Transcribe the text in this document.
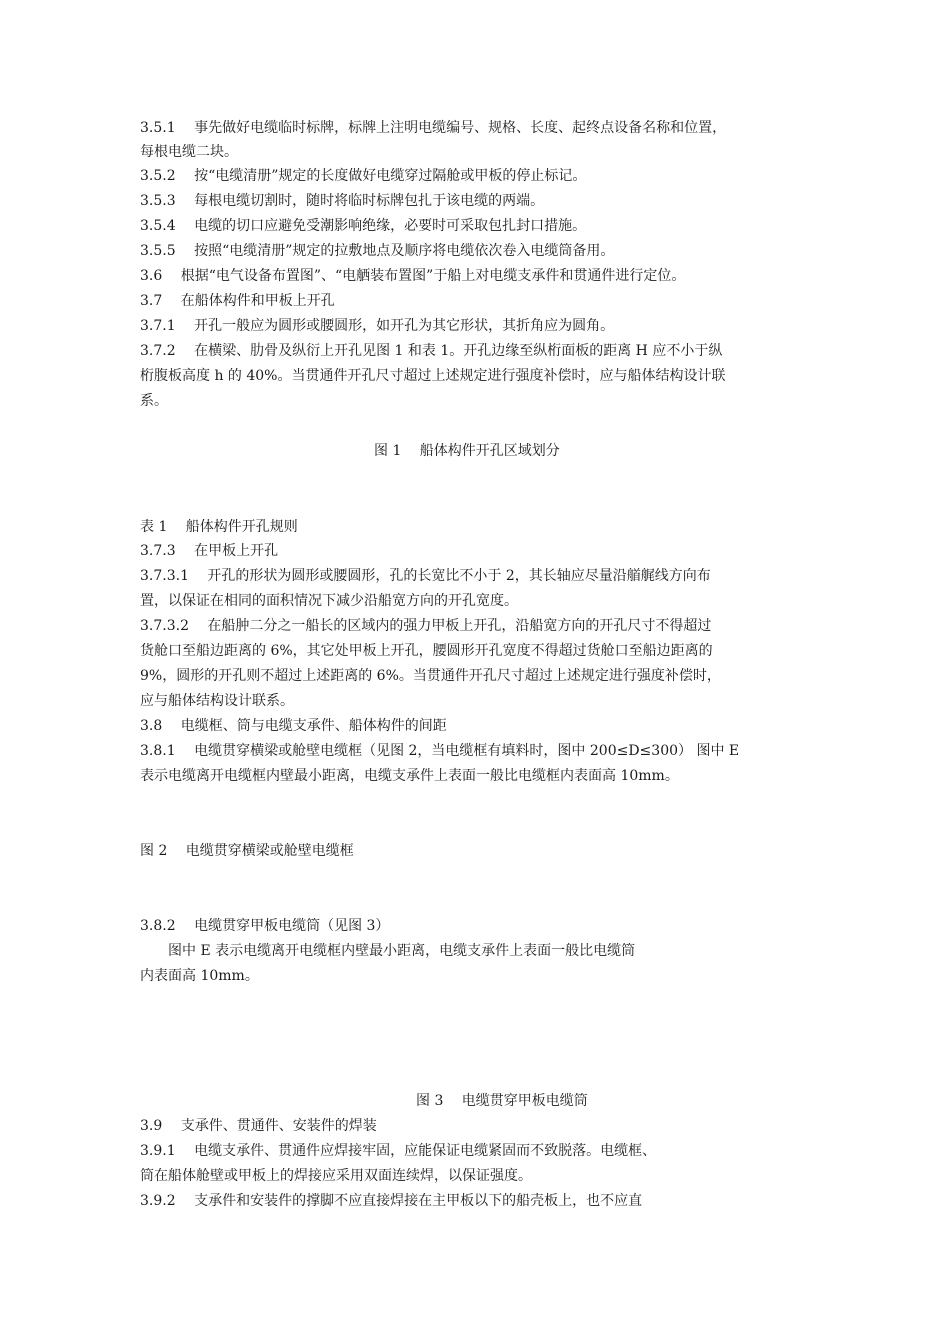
3.5.1　 事先做好电缆临时标牌，标牌上注明电缆编号、规格、长度、起终点设备名称和位置，
每根电缆二块。
3.5.2　 按“电缆清册”规定的长度做好电缆穿过隔舱或甲板的停止标记。
3.5.3　 每根电缆切割时，随时将临时标牌包扎于该电缆的两端。
3.5.4　 电缆的切口应避免受潮影响绝缘，必要时可采取包扎封口措施。
3.5.5　 按照“电缆清册”规定的拉敷地点及顺序将电缆依次卷入电缆筒备用。
3.6　 根据“电气设备布置图”、“电舾装布置图”于船上对电缆支承件和贯通件进行定位。
3.7　 在船体构件和甲板上开孔
3.7.1　 开孔一般应为圆形或腰圆形，如开孔为其它形状，其折角应为圆角。
3.7.2　 在横梁、肋骨及纵衍上开孔见图 1 和表 1。开孔边缘至纵桁面板的距离 H 应不小于纵
桁腹板高度 h 的 40%。当贯通件开孔尺寸超过上述规定进行强度补偿时，应与船体结构设计联
系。
图 1　 船体构件开孔区域划分
表 1　 船体构件开孔规则
3.7.3　 在甲板上开孔
3.7.3.1　 开孔的形状为圆形或腰圆形，孔的长宽比不小于 2，其长轴应尽量沿艏艉线方向布
置，以保证在相同的面积情况下减少沿船宽方向的开孔宽度。
3.7.3.2　 在船肿二分之一船长的区域内的强力甲板上开孔，沿船宽方向的开孔尺寸不得超过
货舱口至船边距离的 6%，其它处甲板上开孔，腰圆形开孔宽度不得超过货舱口至船边距离的
9%，圆形的开孔则不超过上述距离的 6%。当贯通件开孔尺寸超过上述规定进行强度补偿时，
应与船体结构设计联系。
3.8　 电缆框、筒与电缆支承件、船体构件的间距
3.8.1　 电缆贯穿横梁或舱壁电缆框（见图 2，当电缆框有填料时，图中 200≤D≤300） 图中 E
表示电缆离开电缆框内壁最小距离，电缆支承件上表面一般比电缆框内表面高 10mm。
图 2　 电缆贯穿横梁或舱壁电缆框
3.8.2　 电缆贯穿甲板电缆筒（见图 3）
　　图中 E 表示电缆离开电缆框内壁最小距离，电缆支承件上表面一般比电缆筒
内表面高 10mm。
图 3　 电缆贯穿甲板电缆筒
3.9　 支承件、贯通件、安装件的焊装
3.9.1　 电缆支承件、贯通件应焊接牢固，应能保证电缆紧固而不致脱落。电缆框、
筒在船体舱壁或甲板上的焊接应采用双面连续焊，以保证强度。
3.9.2　 支承件和安装件的撑脚不应直接焊接在主甲板以下的船壳板上，也不应直
